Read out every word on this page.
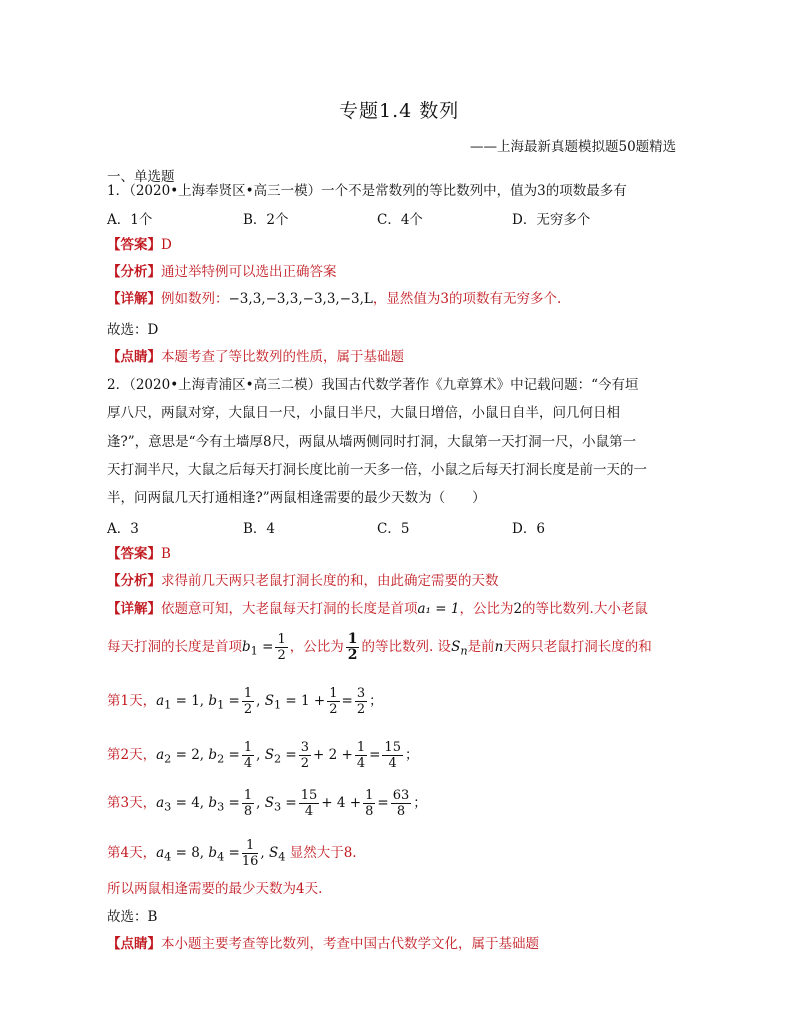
专题1.4 数列
——上海最新真题模拟题50题精选
一、单选题
1．（2020•上海奉贤区•高三一模）一个不是常数列的等比数列中，值为3的项数最多有
A．1个	B．2个	C．4个	D．无穷多个
【答案】D
【分析】通过举特例可以选出正确答案
【详解】例如数列：−3,3,−3,3,−3,3,−3,L，显然值为3的项数有无穷多个.
故选：D
【点睛】本题考查了等比数列的性质，属于基础题
2．（2020•上海青浦区•高三二模）我国古代数学著作《九章算术》中记载问题：“今有垣
厚八尺，两鼠对穿，大鼠日一尺，小鼠日半尺，大鼠日增倍，小鼠日自半，问几何日相
逢?”，意思是“今有土墙厚8尺，两鼠从墙两侧同时打洞，大鼠第一天打洞一尺，小鼠第一
天打洞半尺，大鼠之后每天打洞长度比前一天多一倍，小鼠之后每天打洞长度是前一天的一
半，问两鼠几天打通相逢?”两鼠相逢需要的最少天数为（　　）
A．3	B．4	C．5	D．6
【答案】B
【分析】求得前几天两只老鼠打洞长度的和，由此确定需要的天数
【详解】依题意可知，大老鼠每天打洞的长度是首项a₁ = 1，公比为2的等比数列.大小老鼠
每天打洞的长度是首项$b_1 = \frac{1}{2}$ ，公比为 $\frac{1}{2}$ 的等比数列. 设$S_n$是前n天两只老鼠打洞长度的和
第1天，$a_1 = 1$, $b_1 = \frac{1}{2}$ , $S_1 = 1 + \frac{1}{2} = \frac{3}{2}$ ；
第2天，$a_2 = 2$, $b_2 = \frac{1}{4}$ , $S_2 = \frac{3}{2} + 2 + \frac{1}{4} = \frac{15}{4}$ ；
第3天，$a_3 = 4$, $b_3 = \frac{1}{8}$ , $S_3 = \frac{15}{4} + 4 + \frac{1}{8} = \frac{63}{8}$ ；
第4天，$a_4 = 8$, $b_4 = \frac{1}{16}$ , $S_4$ 显然大于8.
所以两鼠相逢需要的最少天数为4天.
故选：B
【点睛】本小题主要考查等比数列，考查中国古代数学文化，属于基础题
